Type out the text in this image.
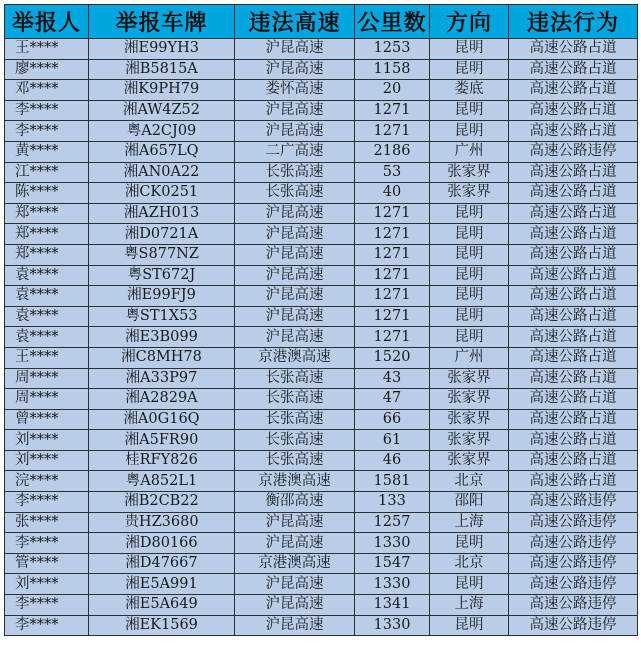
举报人	举报车牌	违法高速	公里数	方向	违法行为
王****	湘E99YH3	沪昆高速	1253	昆明	高速公路占道
廖****	湘B5815A	沪昆高速	1158	昆明	高速公路占道
邓****	湘K9PH79	娄怀高速	20	娄底	高速公路占道
李****	湘AW4Z52	沪昆高速	1271	昆明	高速公路占道
李****	粤A2CJ09	沪昆高速	1271	昆明	高速公路占道
黄****	湘A657LQ	二广高速	2186	广州	高速公路违停
江****	湘AN0A22	长张高速	53	张家界	高速公路占道
陈****	湘CK0251	长张高速	40	张家界	高速公路占道
郑****	湘AZH013	沪昆高速	1271	昆明	高速公路占道
郑****	湘D0721A	沪昆高速	1271	昆明	高速公路占道
郑****	粤S877NZ	沪昆高速	1271	昆明	高速公路占道
袁****	粤ST672J	沪昆高速	1271	昆明	高速公路占道
袁****	湘E99FJ9	沪昆高速	1271	昆明	高速公路占道
袁****	粤ST1X53	沪昆高速	1271	昆明	高速公路占道
袁****	湘E3B099	沪昆高速	1271	昆明	高速公路占道
王****	湘C8MH78	京港澳高速	1520	广州	高速公路占道
周****	湘A33P97	长张高速	43	张家界	高速公路占道
周****	湘A2829A	长张高速	47	张家界	高速公路占道
曾****	湘A0G16Q	长张高速	66	张家界	高速公路占道
刘****	湘A5FR90	长张高速	61	张家界	高速公路占道
刘****	桂RFY826	长张高速	46	张家界	高速公路占道
浣****	粤A852L1	京港澳高速	1581	北京	高速公路占道
李****	湘B2CB22	衡邵高速	133	邵阳	高速公路违停
张****	贵HZ3680	沪昆高速	1257	上海	高速公路违停
李****	湘D80166	沪昆高速	1330	昆明	高速公路违停
管****	湘D47667	京港澳高速	1547	北京	高速公路违停
刘****	湘E5A991	沪昆高速	1330	昆明	高速公路违停
李****	湘E5A649	沪昆高速	1341	上海	高速公路违停
李****	湘EK1569	沪昆高速	1330	昆明	高速公路违停
